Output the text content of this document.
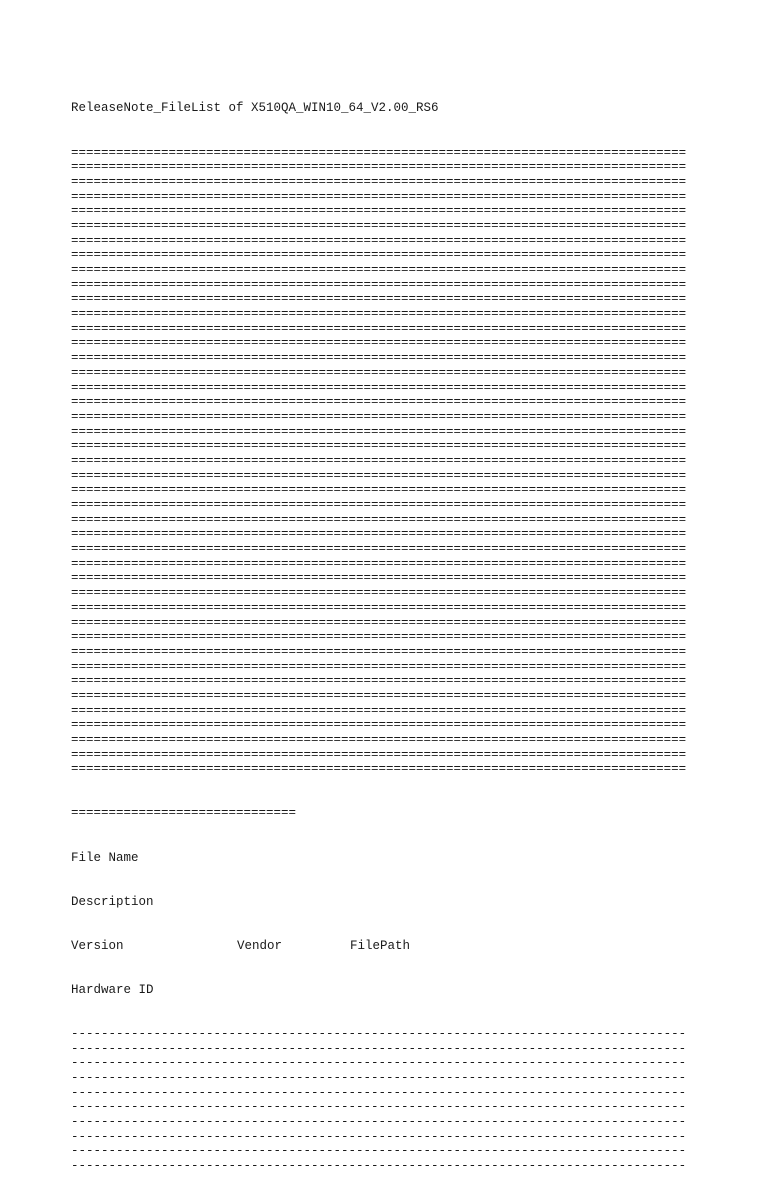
ReleaseNote_FileList of X510QA_WIN10_64_V2.00_RS6

==================================================================================
==================================================================================
==================================================================================
==================================================================================
==================================================================================
==================================================================================
==================================================================================
==================================================================================
==================================================================================
==================================================================================
==================================================================================
==================================================================================
==================================================================================
==================================================================================
==================================================================================
==================================================================================
==================================================================================
==================================================================================
==================================================================================
==================================================================================
==================================================================================
==================================================================================
==================================================================================
==================================================================================
==================================================================================
==================================================================================
==================================================================================
==================================================================================
==================================================================================
==================================================================================
==================================================================================
==================================================================================
==================================================================================
==================================================================================
==================================================================================
==================================================================================
==================================================================================
==================================================================================
==================================================================================
==================================================================================
==================================================================================
==================================================================================
==================================================================================

==============================

File Name

Description

Version

	Vendor

	FilePath

Hardware ID

----------------------------------------------------------------------------------
----------------------------------------------------------------------------------
----------------------------------------------------------------------------------
----------------------------------------------------------------------------------
----------------------------------------------------------------------------------
----------------------------------------------------------------------------------
----------------------------------------------------------------------------------
----------------------------------------------------------------------------------
----------------------------------------------------------------------------------
----------------------------------------------------------------------------------
